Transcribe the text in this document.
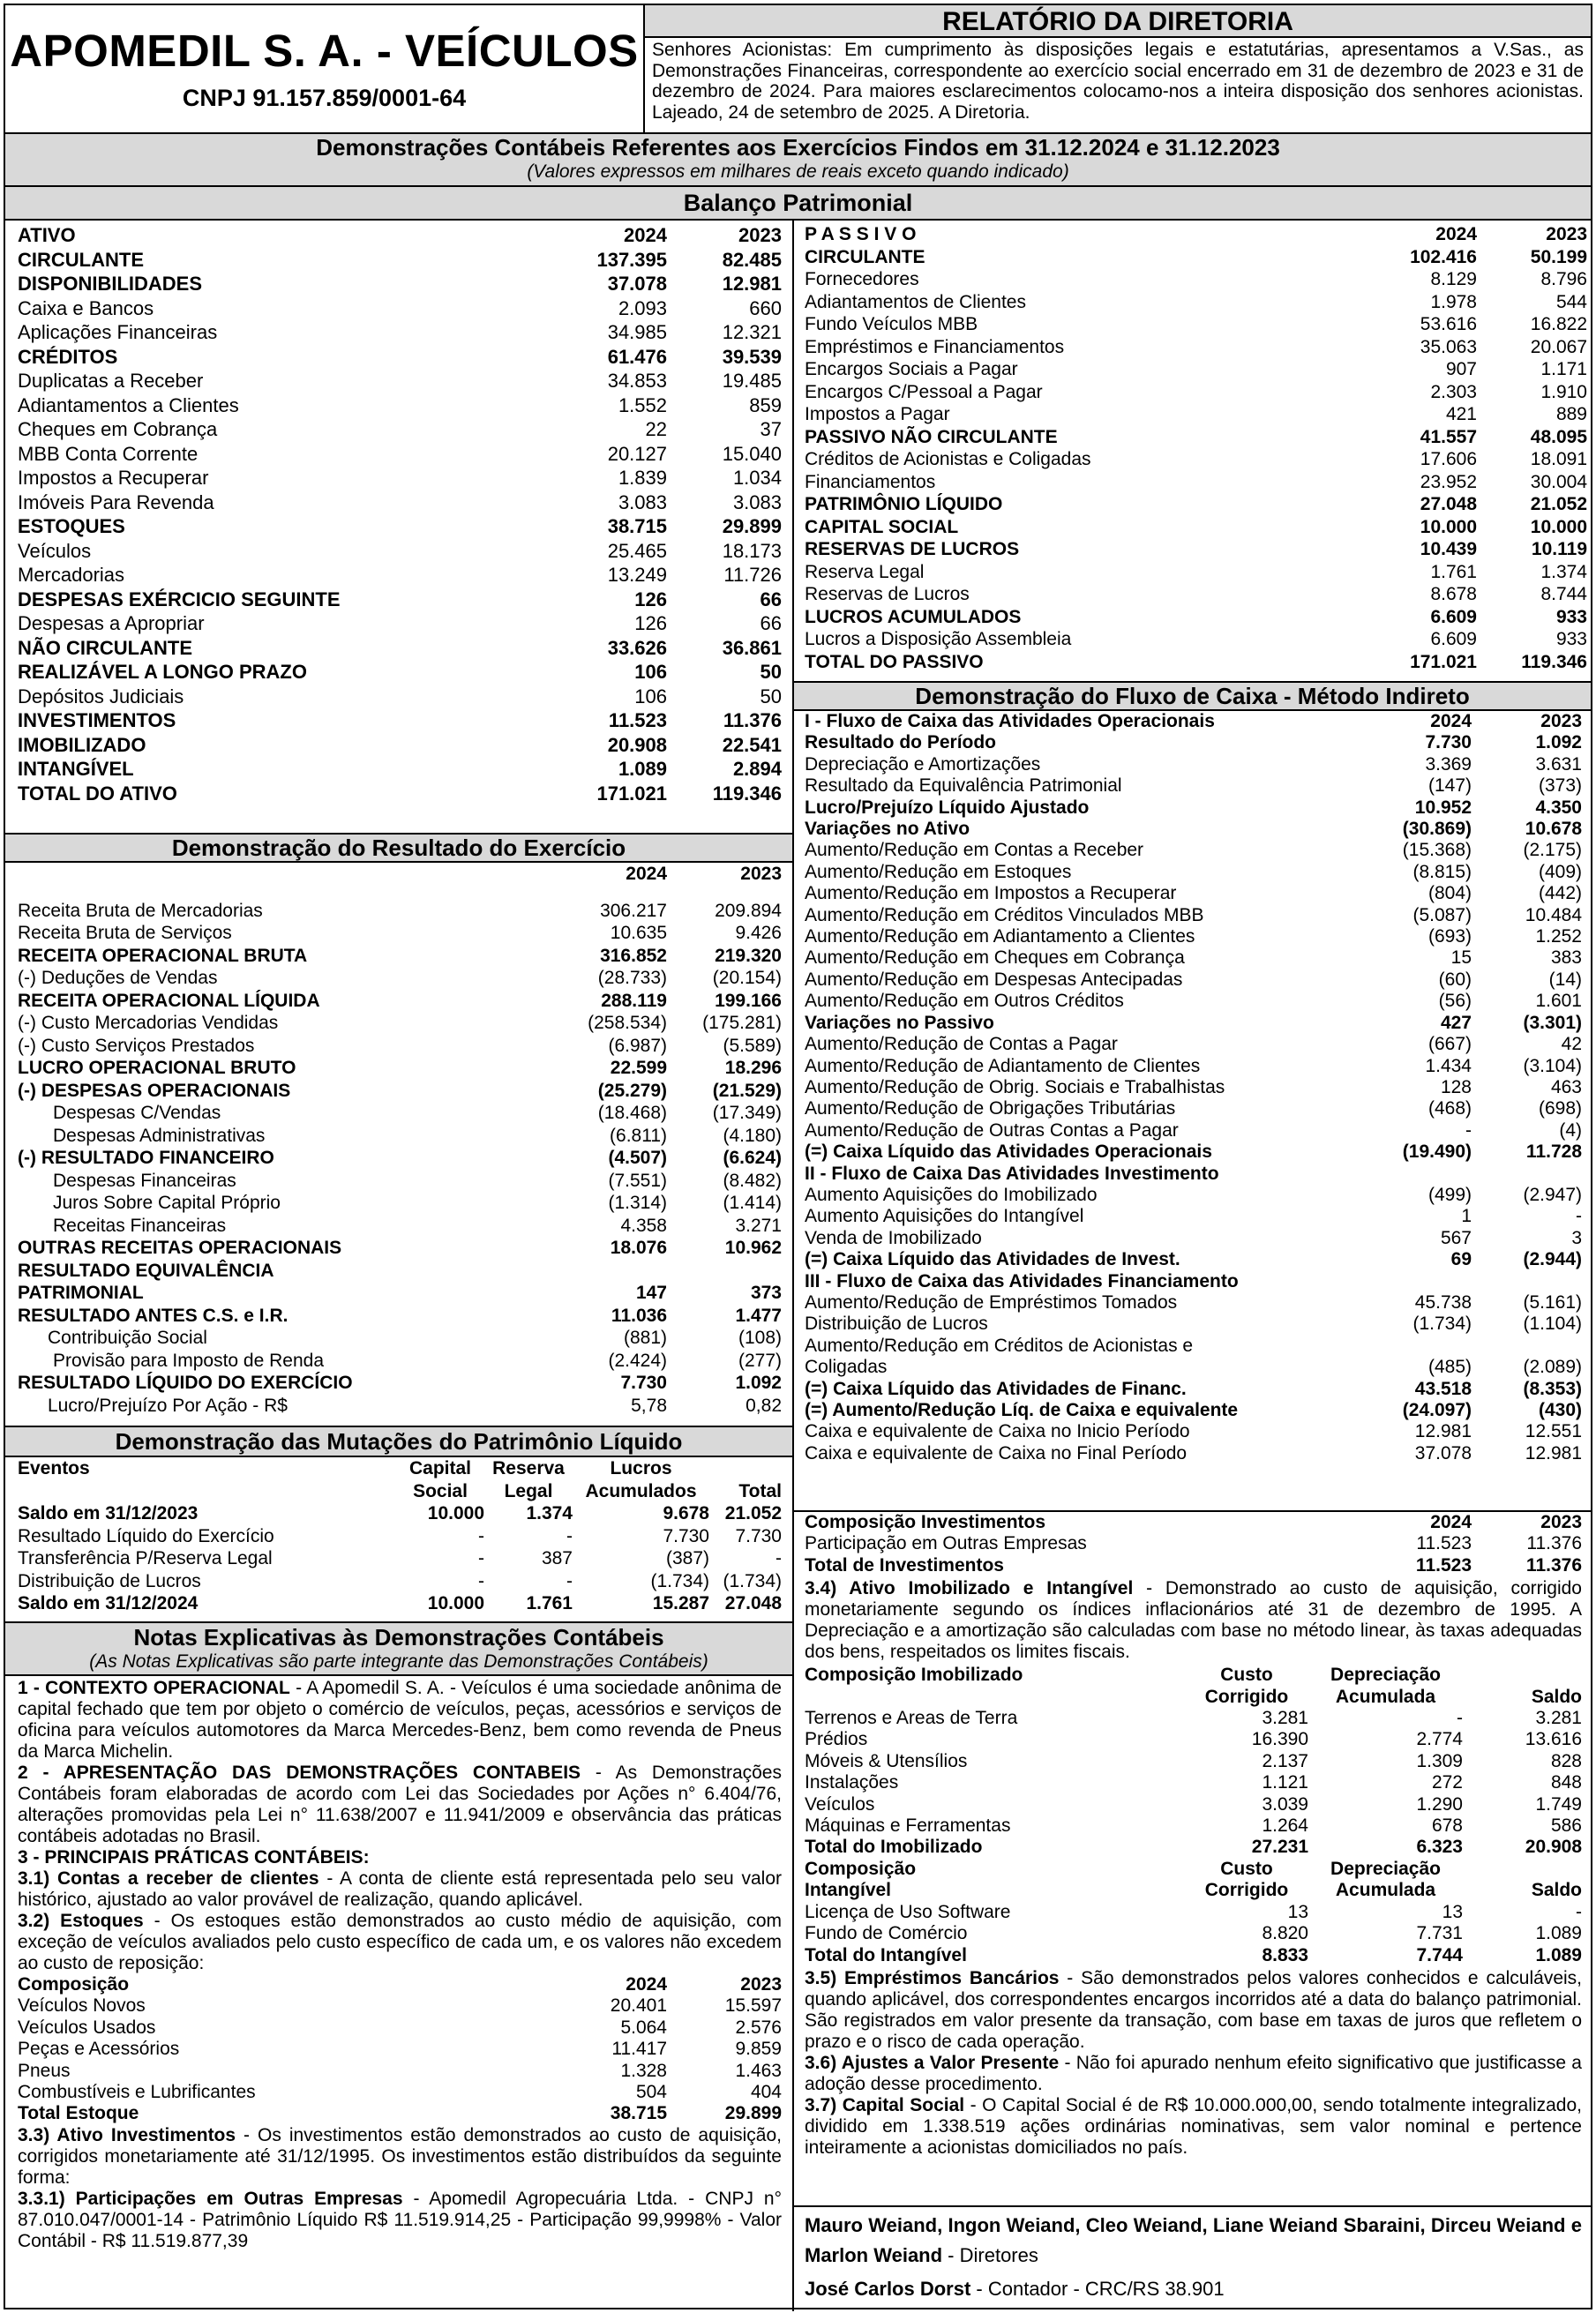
APOMEDIL S. A. - VEÍCULOS
CNPJ 91.157.859/0001-64
RELATÓRIO DA DIRETORIA
Senhores Acionistas: Em cumprimento às disposições legais e estatutárias, apresentamos a V.Sas., as Demonstrações Financeiras, correspondente ao exercício social encerrado em 31 de dezembro de 2023 e 31 de dezembro de 2024. Para maiores esclarecimentos colocamo-nos a inteira disposição dos senhores acionistas. Lajeado, 24 de setembro de 2025. A Diretoria.
Demonstrações Contábeis Referentes aos Exercícios Findos em 31.12.2024 e 31.12.2023
(Valores expressos em milhares de reais exceto quando indicado)
Balanço Patrimonial
ATIVO	2024	2023
CIRCULANTE	137.395	82.485
DISPONIBILIDADES	37.078	12.981
Caixa e Bancos	2.093	660
Aplicações Financeiras	34.985	12.321
CRÉDITOS	61.476	39.539
Duplicatas a Receber	34.853	19.485
Adiantamentos a Clientes	1.552	859
Cheques em Cobrança	22	37
MBB Conta Corrente	20.127	15.040
Impostos a Recuperar	1.839	1.034
Imóveis Para Revenda	3.083	3.083
ESTOQUES	38.715	29.899
Veículos	25.465	18.173
Mercadorias	13.249	11.726
DESPESAS EXÉRCICIO SEGUINTE	126	66
Despesas a Apropriar	126	66
NÃO CIRCULANTE	33.626	36.861
REALIZÁVEL A LONGO PRAZO	106	50
Depósitos Judiciais	106	50
INVESTIMENTOS	11.523	11.376
IMOBILIZADO	20.908	22.541
INTANGÍVEL	1.089	2.894
TOTAL DO ATIVO	171.021	119.346
Demonstração do Resultado do Exercício
	2024	2023

Receita Bruta de Mercadorias	306.217	209.894
Receita Bruta de Serviços	10.635	9.426
RECEITA OPERACIONAL BRUTA	316.852	219.320
(-) Deduções de Vendas	(28.733)	(20.154)
RECEITA OPERACIONAL LÍQUIDA	288.119	199.166
(-) Custo Mercadorias Vendidas	(258.534)	(175.281)
(-) Custo Serviços Prestados	(6.987)	(5.589)
LUCRO OPERACIONAL BRUTO	22.599	18.296
(-) DESPESAS OPERACIONAIS	(25.279)	(21.529)
Despesas C/Vendas	(18.468)	(17.349)
Despesas Administrativas	(6.811)	(4.180)
(-) RESULTADO FINANCEIRO	(4.507)	(6.624)
Despesas Financeiras	(7.551)	(8.482)
Juros Sobre Capital Próprio	(1.314)	(1.414)
Receitas Financeiras	4.358	3.271
OUTRAS RECEITAS OPERACIONAIS	18.076	10.962
RESULTADO EQUIVALÊNCIA		
PATRIMONIAL	147	373
RESULTADO ANTES C.S. e I.R.	11.036	1.477
Contribuição Social	(881)	(108)
Provisão para Imposto de Renda	(2.424)	(277)
RESULTADO LÍQUIDO DO EXERCÍCIO	7.730	1.092
Lucro/Prejuízo Por Ação - R$	5,78	0,82
Demonstração das Mutações do Patrimônio Líquido
Eventos	Capital	Reserva	Lucros	
	Social	Legal	Acumulados	Total
Saldo em 31/12/2023	10.000	1.374	9.678	21.052
Resultado Líquido do Exercício	-	-	7.730	7.730
Transferência P/Reserva Legal	-	387	(387)	-
Distribuição de Lucros	-	-	(1.734)	(1.734)
Saldo em 31/12/2024	10.000	1.761	15.287	27.048
Notas Explicativas às Demonstrações Contábeis
(As Notas Explicativas são parte integrante das Demonstrações Contábeis)

1 - CONTEXTO OPERACIONAL - A Apomedil S. A. - Veículos é uma sociedade anônima de capital fechado que tem por objeto o comércio de veículos, peças, acessórios e serviços de oficina para veículos automotores da Marca Mercedes-Benz, bem como revenda de Pneus da Marca Michelin.

2 - APRESENTAÇÃO DAS DEMONSTRAÇÕES CONTABEIS - As Demonstrações Contábeis foram elaboradas de acordo com Lei das Sociedades por Ações n° 6.404/76, alterações promovidas pela Lei n° 11.638/2007 e 11.941/2009 e observância das práticas contábeis adotadas no Brasil.

3 - PRINCIPAIS PRÁTICAS CONTÁBEIS:

3.1) Contas a receber de clientes - A conta de cliente está representada pelo seu valor histórico, ajustado ao valor provável de realização, quando aplicável.

3.2) Estoques - Os estoques estão demonstrados ao custo médio de aquisição, com exceção de veículos avaliados pelo custo específico de cada um, e os valores não excedem ao custo de reposição:

Composição	2024	2023
Veículos Novos	20.401	15.597
Veículos Usados	5.064	2.576
Peças e Acessórios	11.417	9.859
Pneus	1.328	1.463
Combustíveis e Lubrificantes	504	404
Total Estoque	38.715	29.899

3.3) Ativo Investimentos - Os investimentos estão demonstrados ao custo de aquisição, corrigidos monetariamente até 31/12/1995. Os investimentos estão distribuídos da seguinte forma:

3.3.1) Participações em Outras Empresas - Apomedil Agropecuária Ltda. - CNPJ n° 87.010.047/0001-14 - Patrimônio Líquido R$ 11.519.914,25 - Participação 99,9998% - Valor Contábil - R$ 11.519.877,39

P A S S I V O	2024	2023
CIRCULANTE	102.416	50.199
Fornecedores	8.129	8.796
Adiantamentos de Clientes	1.978	544
Fundo Veículos MBB	53.616	16.822
Empréstimos e Financiamentos	35.063	20.067
Encargos Sociais a Pagar	907	1.171
Encargos C/Pessoal a Pagar	2.303	1.910
Impostos a Pagar	421	889
PASSIVO NÃO CIRCULANTE	41.557	48.095
Créditos de Acionistas e Coligadas	17.606	18.091
Financiamentos	23.952	30.004
PATRIMÔNIO LÍQUIDO	27.048	21.052
CAPITAL SOCIAL	10.000	10.000
RESERVAS DE LUCROS	10.439	10.119
Reserva Legal	1.761	1.374
Reservas de Lucros	8.678	8.744
LUCROS ACUMULADOS	6.609	933
Lucros a Disposição Assembleia	6.609	933
TOTAL DO PASSIVO	171.021	119.346
Demonstração do Fluxo de Caixa - Método Indireto
I - Fluxo de Caixa das Atividades Operacionais	2024	2023
Resultado do Período	7.730	1.092
Depreciação e Amortizações	3.369	3.631
Resultado da Equivalência Patrimonial	(147)	(373)
Lucro/Prejuízo Líquido Ajustado	10.952	4.350
Variações no Ativo	(30.869)	10.678
Aumento/Redução em Contas a Receber	(15.368)	(2.175)
Aumento/Redução em Estoques	(8.815)	(409)
Aumento/Redução em Impostos a Recuperar	(804)	(442)
Aumento/Redução em Créditos Vinculados MBB	(5.087)	10.484
Aumento/Redução em Adiantamento a Clientes	(693)	1.252
Aumento/Redução em Cheques em Cobrança	15	383
Aumento/Redução em Despesas Antecipadas	(60)	(14)
Aumento/Redução em Outros Créditos	(56)	1.601
Variações no Passivo	427	(3.301)
Aumento/Redução de Contas a Pagar	(667)	42
Aumento/Redução de Adiantamento de Clientes	1.434	(3.104)
Aumento/Redução de Obrig. Sociais e Trabalhistas	128	463
Aumento/Redução de Obrigações Tributárias	(468)	(698)
Aumento/Redução de Outras Contas a Pagar	-	(4)
(=) Caixa Líquido das Atividades Operacionais	(19.490)	11.728
II - Fluxo de Caixa Das Atividades Investimento		
Aumento Aquisições do Imobilizado	(499)	(2.947)
Aumento Aquisições do Intangível	1	-
Venda de Imobilizado	567	3
(=) Caixa Líquido das Atividades de Invest.	69	(2.944)
III - Fluxo de Caixa das Atividades Financiamento		
Aumento/Redução de Empréstimos Tomados	45.738	(5.161)
Distribuição de Lucros	(1.734)	(1.104)
Aumento/Redução em Créditos de Acionistas e		
Coligadas	(485)	(2.089)
(=) Caixa Líquido das Atividades de Financ.	43.518	(8.353)
(=) Aumento/Redução Líq. de Caixa e equivalente	(24.097)	(430)
Caixa e equivalente de Caixa no Inicio Período	12.981	12.551
Caixa e equivalente de Caixa no Final Período	37.078	12.981
Composição Investimentos	2024	2023
Participação em Outras Empresas	11.523	11.376
Total de Investimentos	11.523	11.376

3.4) Ativo Imobilizado e Intangível - Demonstrado ao custo de aquisição, corrigido monetariamente segundo os índices inflacionários até 31 de dezembro de 1995. A Depreciação e a amortização são calculadas com base no método linear, às taxas adequadas dos bens, respeitados os limites fiscais.

Composição Imobilizado	Custo	Depreciação	
	Corrigido	Acumulada	Saldo
Terrenos e Areas de Terra	3.281	-	3.281
Prédios	16.390	2.774	13.616
Móveis & Utensílios	2.137	1.309	828
Instalações	1.121	272	848
Veículos	3.039	1.290	1.749
Máquinas e Ferramentas	1.264	678	586
Total do Imobilizado	27.231	6.323	20.908
Composição	Custo	Depreciação	
Intangível	Corrigido	Acumulada	Saldo
Licença de Uso Software	13	13	-
Fundo de Comércio	8.820	7.731	1.089
Total do Intangível	8.833	7.744	1.089

3.5) Empréstimos Bancários - São demonstrados pelos valores conhecidos e calculáveis, quando aplicável, dos correspondentes encargos incorridos até a data do balanço patrimonial. São registrados em valor presente da transação, com base em taxas de juros que refletem o prazo e o risco de cada operação.

3.6) Ajustes a Valor Presente - Não foi apurado nenhum efeito significativo que justificasse a adoção desse procedimento.

3.7) Capital Social - O Capital Social é de R$ 10.000.000,00, sendo totalmente integralizado, dividido em 1.338.519 ações ordinárias nominativas, sem valor nominal e pertence inteiramente a acionistas domiciliados no país.

Mauro Weiand, Ingon Weiand, Cleo Weiand, Liane Weiand Sbaraini, Dirceu Weiand e Marlon Weiand - Diretores

José Carlos Dorst - Contador - CRC/RS 38.901
